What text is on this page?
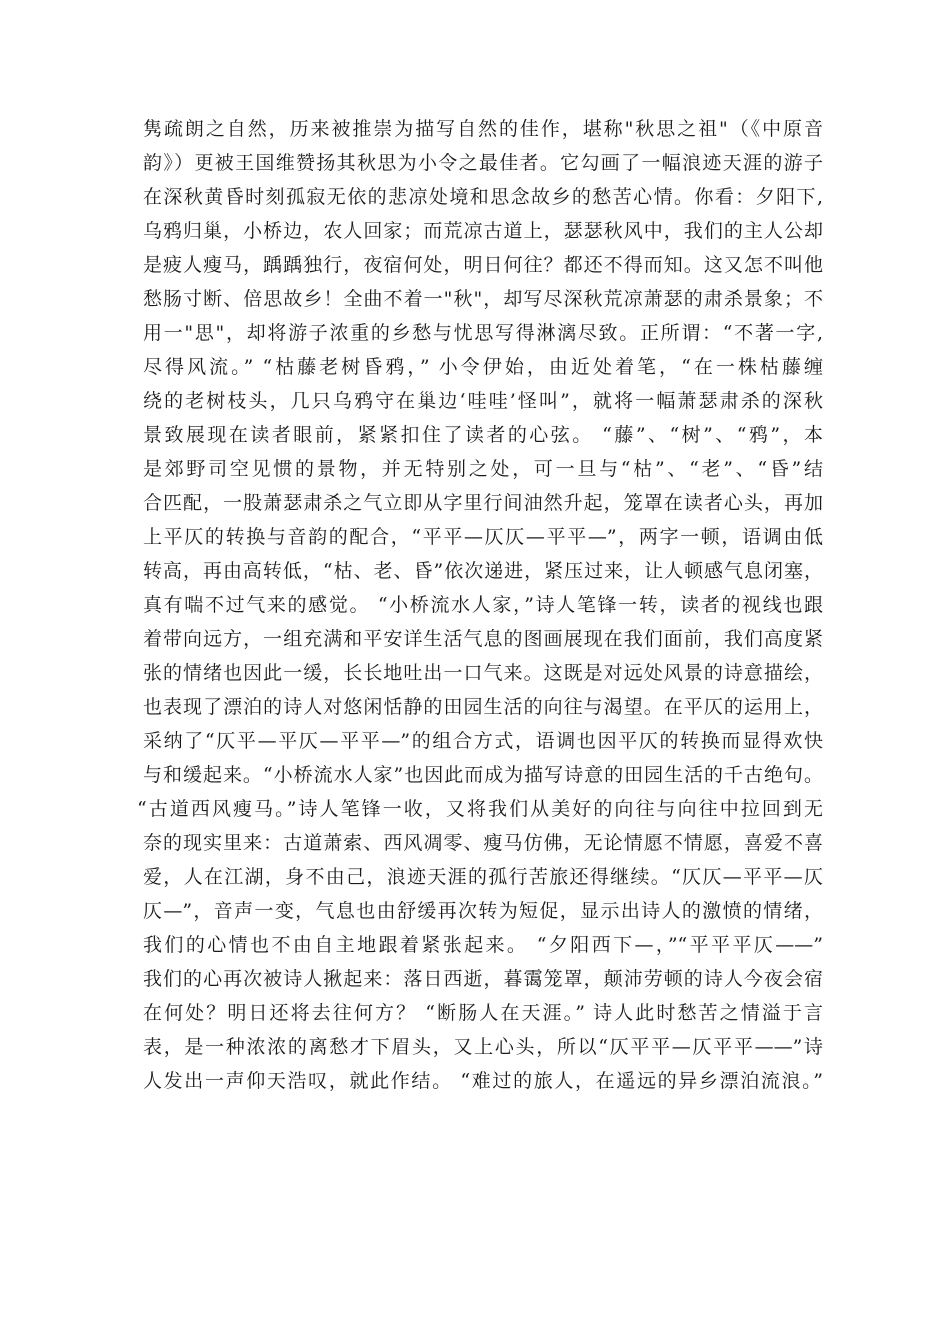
隽疏朗之自然，历来被推崇为描写自然的佳作，堪称"秋思之祖"（《中原音
韵》）更被王国维赞扬其秋思为小令之最佳者。它勾画了一幅浪迹天涯的游子
在深秋黄昏时刻孤寂无依的悲凉处境和思念故乡的愁苦心情。你看：夕阳下,
乌鸦归巢，小桥边，农人回家；而荒凉古道上，瑟瑟秋风中，我们的主人公却
是疲人瘦马，踽踽独行，夜宿何处，明日何往？都还不得而知。这又怎不叫他
愁肠寸断、倍思故乡！全曲不着一"秋"，却写尽深秋荒凉萧瑟的肃杀景象；不
用一"思"，却将游子浓重的乡愁与忧思写得淋漓尽致。正所谓：“不著一字,
尽得风流。” “枯藤老树昏鸦，” 小令伊始，由近处着笔，“在一株枯藤缠
绕的老树枝头，几只乌鸦守在巢边‘哇哇’怪叫”，就将一幅萧瑟肃杀的深秋
景致展现在读者眼前，紧紧扣住了读者的心弦。 “藤”、“树”、“鸦”，本
是郊野司空见惯的景物，并无特别之处，可一旦与“枯”、“老”、“昏”结
合匹配，一股萧瑟肃杀之气立即从字里行间油然升起，笼罩在读者心头，再加
上平仄的转换与音韵的配合，“平平—仄仄—平平—”，两字一顿，语调由低
转高，再由高转低，“枯、老、昏”依次递进，紧压过来，让人顿感气息闭塞，
真有喘不过气来的感觉。 “小桥流水人家，”诗人笔锋一转，读者的视线也跟
着带向远方，一组充满和平安详生活气息的图画展现在我们面前，我们高度紧
张的情绪也因此一缓，长长地吐出一口气来。这既是对远处风景的诗意描绘，
也表现了漂泊的诗人对悠闲恬静的田园生活的向往与渴望。在平仄的运用上，
采纳了“仄平—平仄—平平—”的组合方式，语调也因平仄的转换而显得欢快
与和缓起来。“小桥流水人家”也因此而成为描写诗意的田园生活的千古绝句。
“古道西风瘦马。”诗人笔锋一收，又将我们从美好的向往与向往中拉回到无
奈的现实里来：古道萧索、西风凋零、瘦马仿佛，无论情愿不情愿，喜爱不喜
爱，人在江湖，身不由己，浪迹天涯的孤行苦旅还得继续。“仄仄—平平—仄
仄—”，音声一变，气息也由舒缓再次转为短促，显示出诗人的激愤的情绪，
我们的心情也不由自主地跟着紧张起来。 “夕阳西下—，”“平平平仄——”
我们的心再次被诗人揪起来：落日西逝，暮霭笼罩，颠沛劳顿的诗人今夜会宿
在何处？明日还将去往何方？ “断肠人在天涯。” 诗人此时愁苦之情溢于言
表，是一种浓浓的离愁才下眉头，又上心头，所以“仄平平—仄平平——”诗
人发出一声仰天浩叹，就此作结。 “难过的旅人，在遥远的异乡漂泊流浪。”
